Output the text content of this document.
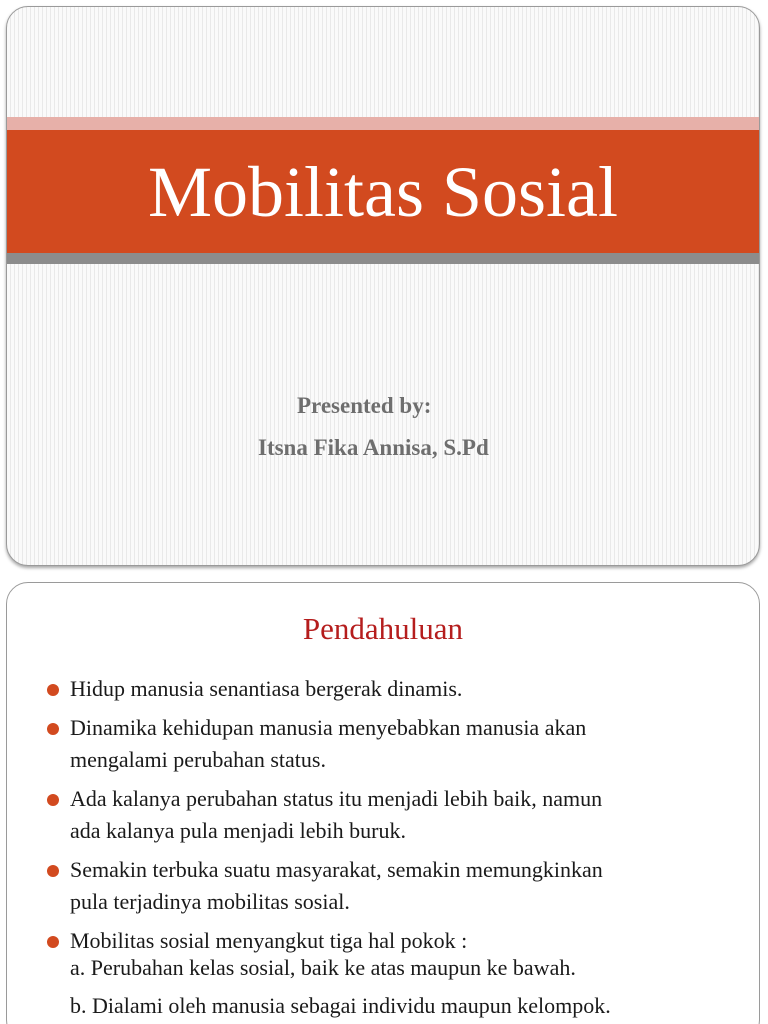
Mobilitas Sosial
Presented by:
Itsna Fika Annisa, S.Pd
Pendahuluan
Hidup manusia senantiasa bergerak dinamis.
Dinamika kehidupan manusia menyebabkan manusia akan
mengalami perubahan status.
Ada kalanya perubahan status itu menjadi lebih baik, namun
ada kalanya pula menjadi lebih buruk.
Semakin terbuka suatu masyarakat, semakin memungkinkan
pula terjadinya mobilitas sosial.
Mobilitas sosial menyangkut tiga hal pokok :
a. Perubahan kelas sosial, baik ke atas maupun ke bawah.
b. Dialami oleh manusia sebagai individu maupun kelompok.
